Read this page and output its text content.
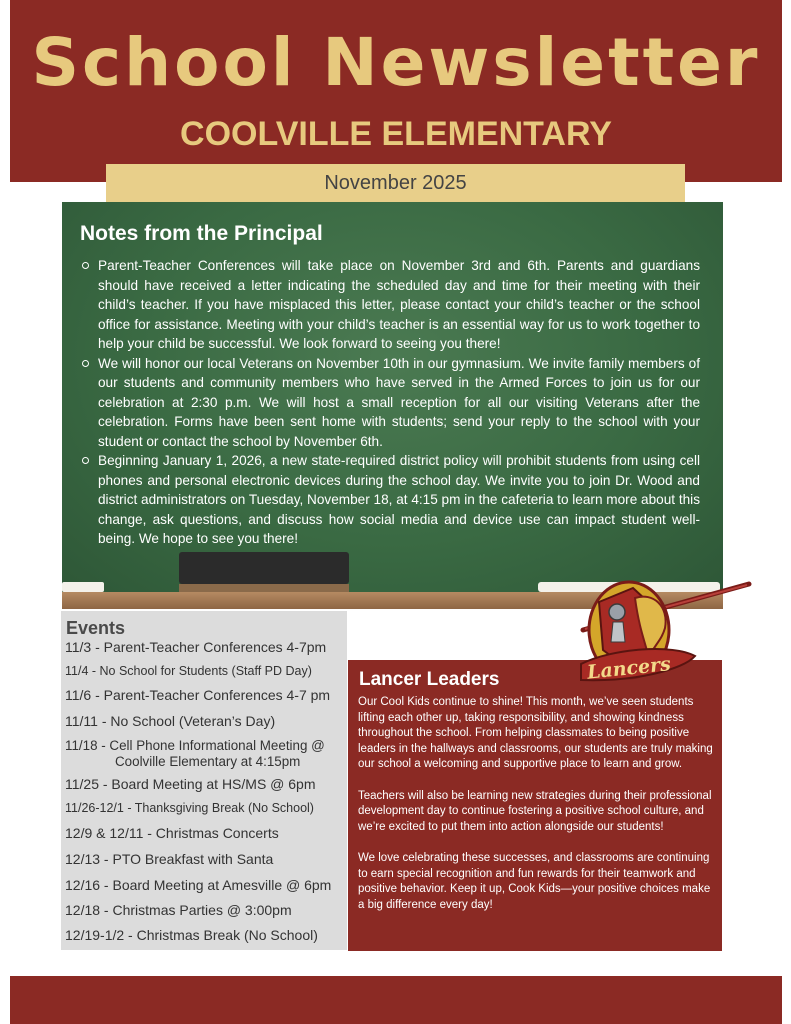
School Newsletter
COOLVILLE ELEMENTARY
November 2025
Notes from the Principal
Parent-Teacher Conferences will take place on November 3rd and 6th. Parents and guardians should have received a letter indicating the scheduled day and time for their meeting with their child’s teacher. If you have misplaced this letter, please contact your child’s teacher or the school office for assistance. Meeting with your child’s teacher is an essential way for us to work together to help your child be successful. We look forward to seeing you there!
We will honor our local Veterans on November 10th in our gymnasium. We invite family members of our students and community members who have served in the Armed Forces to join us for our celebration at 2:30 p.m. We will host a small reception for all our visiting Veterans after the celebration. Forms have been sent home with students; send your reply to the school with your student or contact the school by November 6th.
Beginning January 1, 2026, a new state-required district policy will prohibit students from using cell phones and personal electronic devices during the school day. We invite you to join Dr. Wood and district administrators on Tuesday, November 18, at 4:15 pm in the cafeteria to learn more about this change, ask questions, and discuss how social media and device use can impact student well-being. We hope to see you there!
Events
11/3 - Parent-Teacher Conferences 4-7pm
11/4 - No School for Students (Staff PD Day)
11/6 - Parent-Teacher Conferences 4-7 pm
11/11 - No School (Veteran’s Day)
11/18 - Cell Phone Informational Meeting @
Coolville Elementary at 4:15pm
11/25 - Board Meeting at HS/MS @ 6pm
11/26-12/1 - Thanksgiving Break (No School)
12/9 & 12/11 - Christmas Concerts
12/13 - PTO Breakfast with Santa
12/16 - Board Meeting at Amesville @ 6pm
12/18 - Christmas Parties @ 3:00pm
12/19-1/2 - Christmas Break (No School)
Lancer Leaders

Our Cool Kids continue to shine! This month, we’ve seen students lifting each other up, taking responsibility, and showing kindness throughout the school. From helping classmates to being positive leaders in the hallways and classrooms, our students are truly making our school a welcoming and supportive place to learn and grow.

Teachers will also be learning new strategies during their professional development day to continue fostering a positive school culture, and we’re excited to put them into action alongside our students!

We love celebrating these successes, and classrooms are continuing to earn special recognition and fun rewards for their teamwork and positive behavior. Keep it up, Cook Kids—your positive choices make a big difference every day!

Lancers
